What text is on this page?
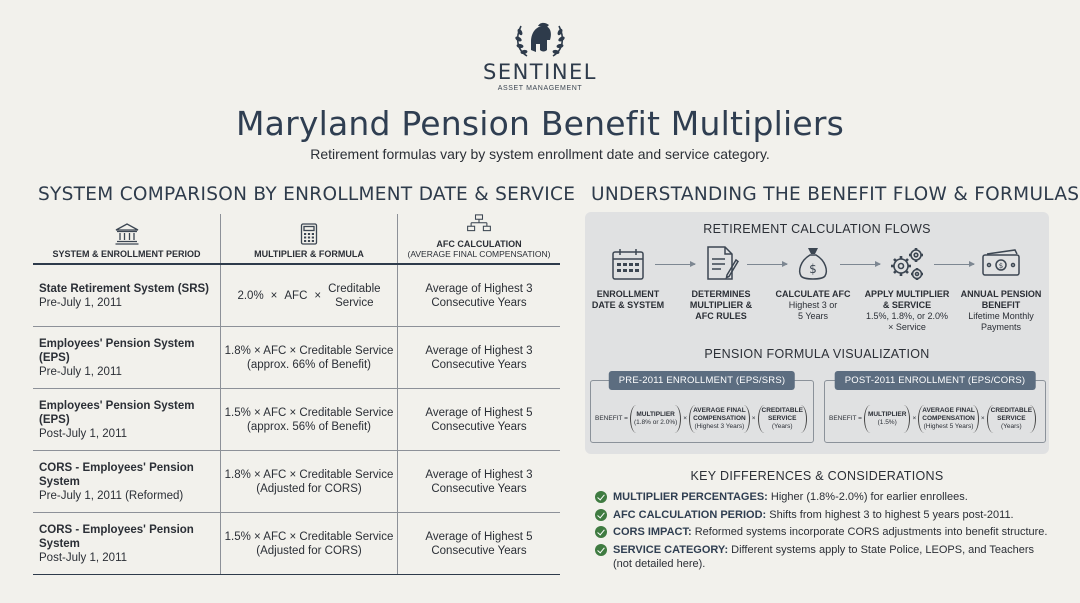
SENTINEL
ASSET MANAGEMENT
Maryland Pension Benefit Multipliers
Retirement formulas vary by system enrollment date and service category.
SYSTEM COMPARISON BY ENROLLMENT DATE & SERVICE UNDERSTANDING THE BENEFIT FLOW & FORMULAS
SYSTEM & ENROLLMENT PERIOD	MULTIPLIER & FORMULA
AFC CALCULATION
(AVERAGE FINAL COMPENSATION)
State Retirement System (SRS)
Pre-July 1, 2011
2.0% × AFC ×
Creditable
Service
Average of Highest 3
Consecutive Years
Employees' Pension System (EPS)
Pre-July 1, 2011
1.8% × AFC × Creditable Service
(approx. 66% of Benefit)
Average of Highest 3
Consecutive Years
Employees' Pension System (EPS)
Post-July 1, 2011
1.5% × AFC × Creditable Service
(approx. 56% of Benefit)
Average of Highest 5
Consecutive Years
CORS - Employees' Pension System
Pre-July 1, 2011 (Reformed)
1.8% × AFC × Creditable Service
(Adjusted for CORS)
Average of Highest 3
Consecutive Years
CORS - Employees' Pension System
Post-July 1, 2011
1.5% × AFC × Creditable Service
(Adjusted for CORS)
Average of Highest 5
Consecutive Years
RETIREMENT CALCULATION FLOWS
$	$
ENROLLMENT
DATE & SYSTEM
DETERMINES
MULTIPLIER &
AFC RULES
CALCULATE AFC
Highest 3 or
5 Years
APPLY MULTIPLIER
& SERVICE
1.5%, 1.8%, or 2.0%
× Service
ANNUAL PENSION
BENEFIT
Lifetime Monthly
Payments
PENSION FORMULA VISUALIZATION
PRE-2011 ENROLLMENT (EPS/SRS)
BENEFIT =
MULTIPLIER
(1.8% or 2.0%)
×
AVERAGE FINAL
COMPENSATION
(Highest 3 Years)
×
CREDITABLE
SERVICE
(Years)
POST-2011 ENROLLMENT (EPS/CORS)
BENEFIT =
MULTIPLIER
(1.5%)
×
AVERAGE FINAL
COMPENSATION
(Highest 5 Years)
×
CREDITABLE
SERVICE
(Years)
KEY DIFFERENCES & CONSIDERATIONS
MULTIPLIER PERCENTAGES: Higher (1.8%-2.0%) for earlier enrollees.
AFC CALCULATION PERIOD: Shifts from highest 3 to highest 5 years post-2011.
CORS IMPACT: Reformed systems incorporate CORS adjustments into benefit structure.
SERVICE CATEGORY: Different systems apply to State Police, LEOPS, and Teachers
(not detailed here).
